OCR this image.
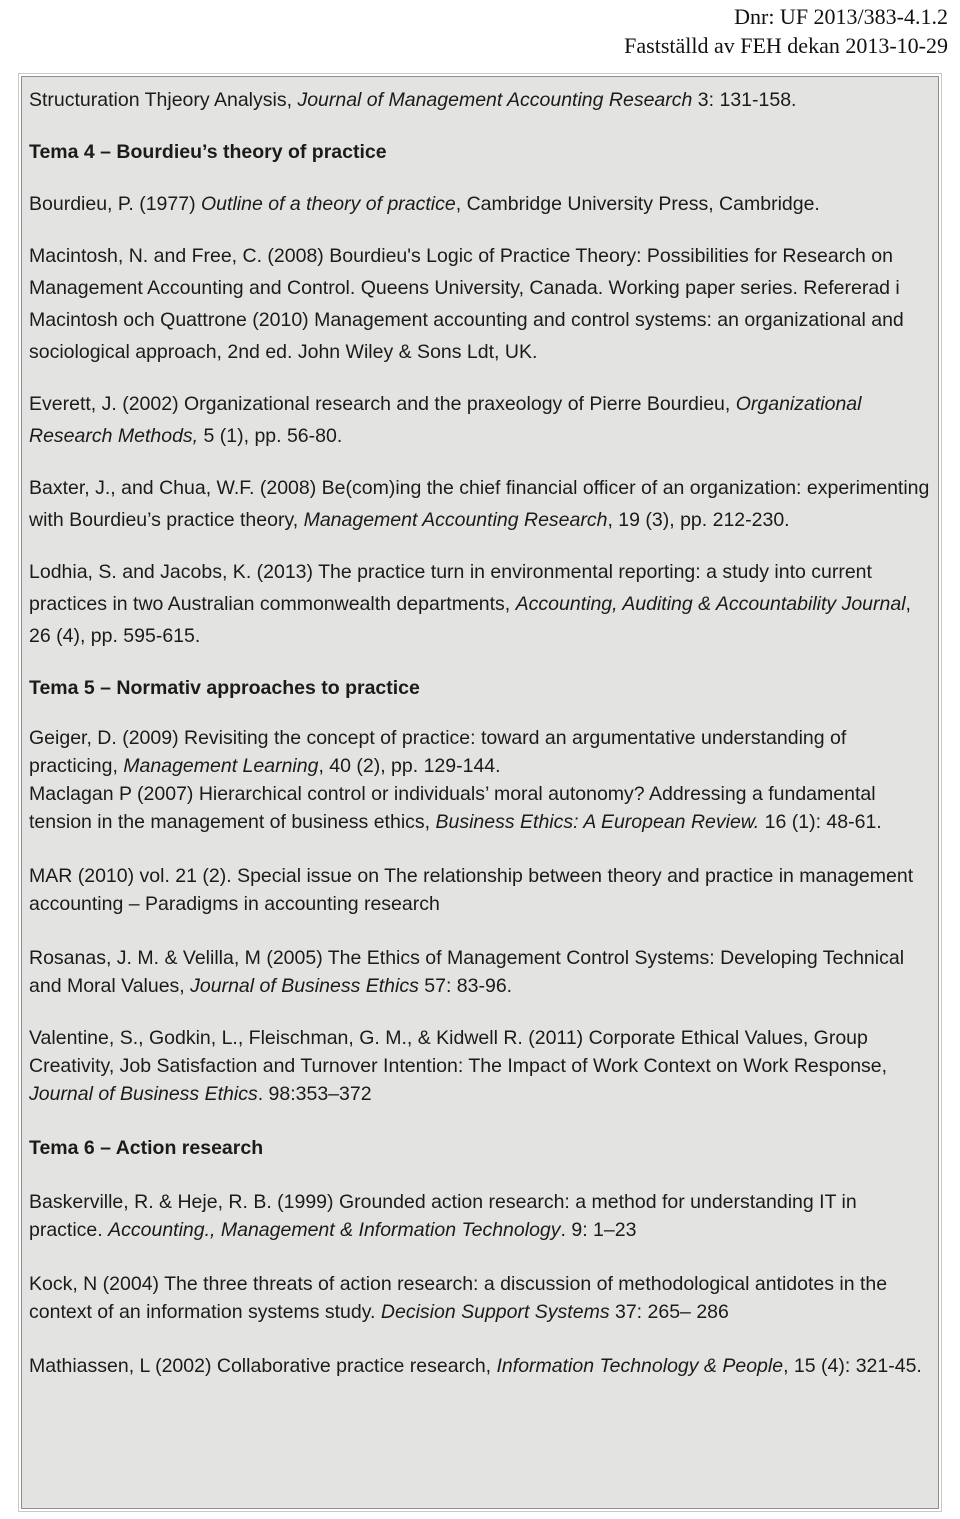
Dnr: UF 2013/383-4.1.2
Fastställd av FEH dekan 2013-10-29

Structuration Thjeory Analysis, Journal of Management Accounting Research 3: 131-158.

Tema 4 – Bourdieu’s theory of practice

Bourdieu, P. (1977) Outline of a theory of practice, Cambridge University Press, Cambridge.

Macintosh, N. and Free, C. (2008) Bourdieu's Logic of Practice Theory: Possibilities for Research on Management Accounting and Control. Queens University, Canada. Working paper series. Refererad i Macintosh och Quattrone (2010) Management accounting and control systems: an organizational and sociological approach, 2nd ed. John Wiley & Sons Ldt, UK.

Everett, J. (2002) Organizational research and the praxeology of Pierre Bourdieu, Organizational Research Methods, 5 (1), pp. 56-80.

Baxter, J., and Chua, W.F. (2008) Be(com)ing the chief financial officer of an organization: experimenting with Bourdieu’s practice theory, Management Accounting Research, 19 (3), pp. 212-230.

Lodhia, S. and Jacobs, K. (2013) The practice turn in environmental reporting: a study into current practices in two Australian commonwealth departments, Accounting, Auditing & Accountability Journal, 26 (4), pp. 595-615.

Tema 5 – Normativ approaches to practice

Geiger, D. (2009) Revisiting the concept of practice: toward an argumentative understanding of practicing, Management Learning, 40 (2), pp. 129-144.

Maclagan P (2007) Hierarchical control or individuals’ moral autonomy? Addressing a fundamental tension in the management of business ethics, Business Ethics: A European Review. 16 (1): 48-61.

MAR (2010) vol. 21 (2). Special issue on The relationship between theory and practice in management accounting – Paradigms in accounting research

Rosanas, J. M. & Velilla, M (2005) The Ethics of Management Control Systems: Developing Technical and Moral Values, Journal of Business Ethics 57: 83-96.

Valentine, S., Godkin, L., Fleischman, G. M., & Kidwell R. (2011) Corporate Ethical Values, Group Creativity, Job Satisfaction and Turnover Intention: The Impact of Work Context on Work Response, Journal of Business Ethics. 98:353–372

Tema 6 – Action research

Baskerville, R. & Heje, R. B. (1999) Grounded action research: a method for understanding IT in practice. Accounting., Management & Information Technology. 9: 1–23

Kock, N (2004) The three threats of action research: a discussion of methodological antidotes in the context of an information systems study. Decision Support Systems 37: 265– 286

Mathiassen, L (2002) Collaborative practice research, Information Technology & People, 15 (4): 321-45.
